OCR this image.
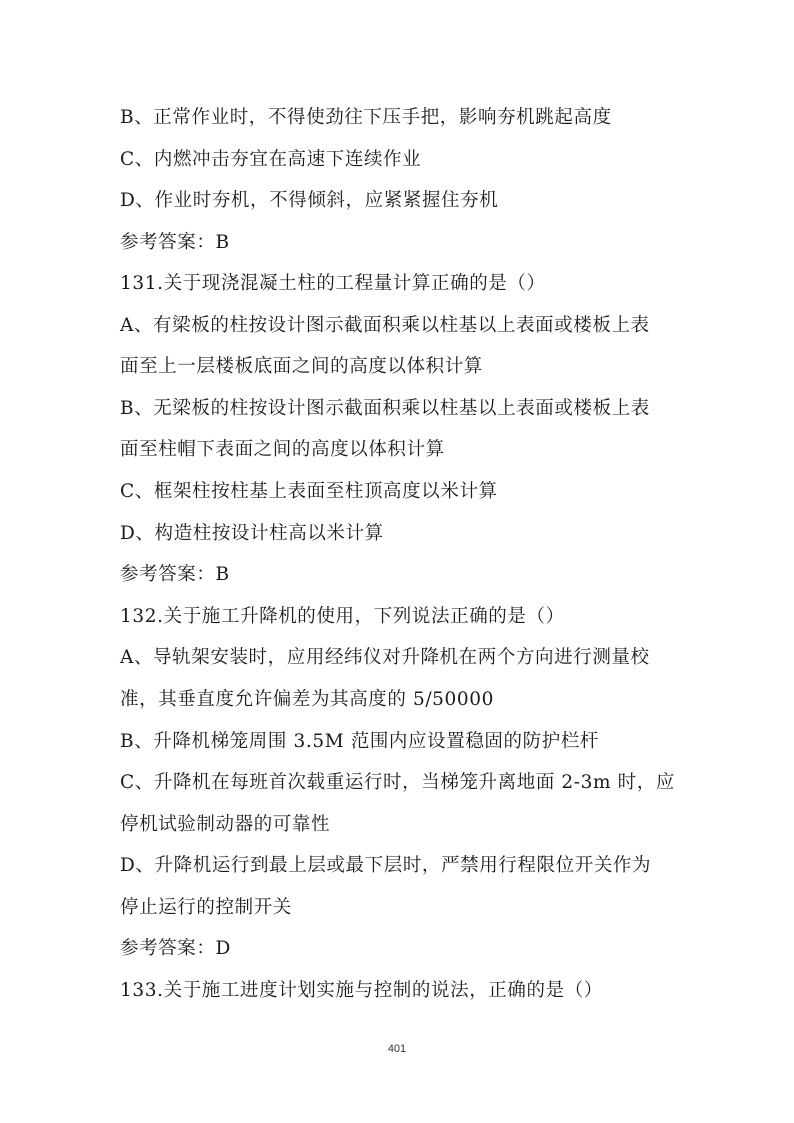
B、正常作业时，不得使劲往下压手把，影响夯机跳起高度
C、内燃冲击夯宜在高速下连续作业
D、作业时夯机，不得倾斜，应紧紧握住夯机
参考答案：B
131.关于现浇混凝土柱的工程量计算正确的是（）
A、有梁板的柱按设计图示截面积乘以柱基以上表面或楼板上表
面至上一层楼板底面之间的高度以体积计算
B、无梁板的柱按设计图示截面积乘以柱基以上表面或楼板上表
面至柱帽下表面之间的高度以体积计算
C、框架柱按柱基上表面至柱顶高度以米计算
D、构造柱按设计柱高以米计算
参考答案：B
132.关于施工升降机的使用，下列说法正确的是（）
A、导轨架安装时，应用经纬仪对升降机在两个方向进行测量校
准，其垂直度允许偏差为其高度的 5/50000
B、升降机梯笼周围 3.5M 范围内应设置稳固的防护栏杆
C、升降机在每班首次载重运行时，当梯笼升离地面 2-3m 时，应
停机试验制动器的可靠性
D、升降机运行到最上层或最下层时，严禁用行程限位开关作为
停止运行的控制开关
参考答案：D
133.关于施工进度计划实施与控制的说法，正确的是（）
401
